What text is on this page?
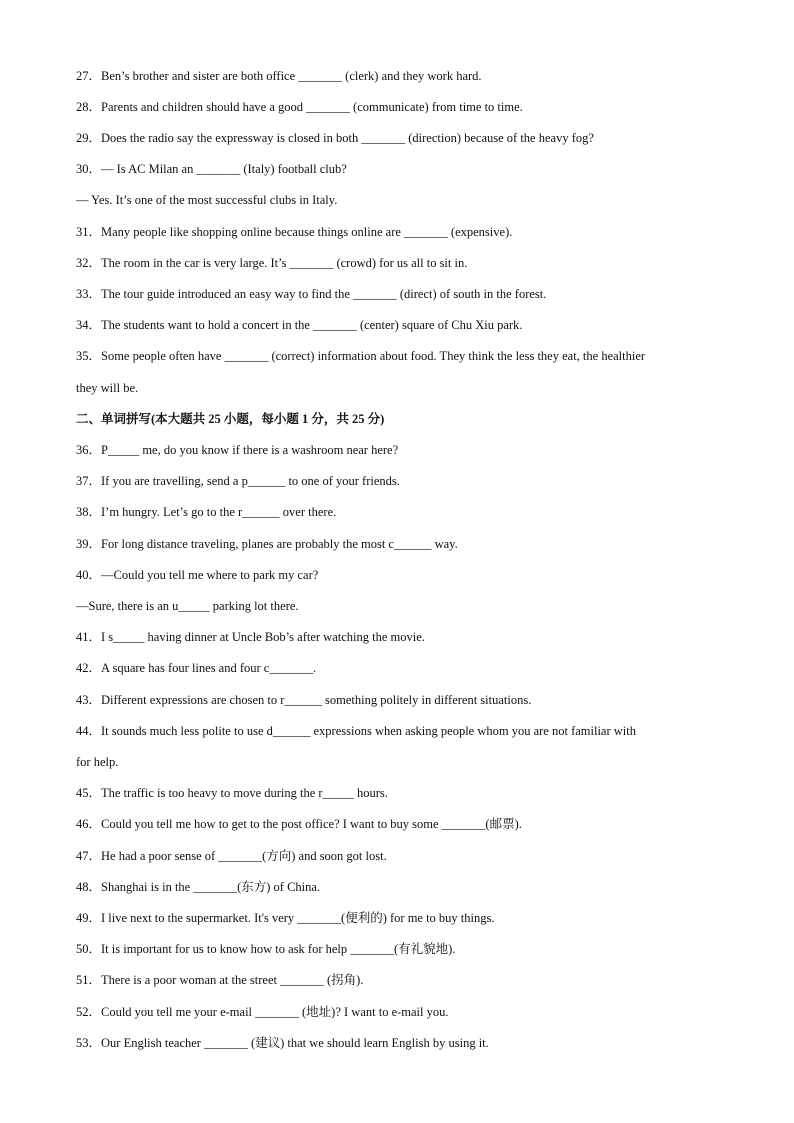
27．Ben’s brother and sister are both office _______ (clerk) and they work hard.
28．Parents and children should have a good _______ (communicate) from time to time.
29．Does the radio say the expressway is closed in both _______ (direction) because of the heavy fog?
30．— Is AC Milan an _______ (Italy) football club?
— Yes. It’s one of the most successful clubs in Italy.
31．Many people like shopping online because things online are _______ (expensive).
32．The room in the car is very large. It’s _______ (crowd) for us all to sit in.
33．The tour guide introduced an easy way to find the _______ (direct) of south in the forest.
34．The students want to hold a concert in the _______ (center) square of Chu Xiu park.
35．Some people often have _______ (correct) information about food. They think the less they eat, the healthier
they will be.
二、单词拼写(本大题共 25 小题，每小题 1 分，共 25 分)
36．P_____ me, do you know if there is a washroom near here?
37．If you are travelling, send a p______ to one of your friends.
38．I’m hungry. Let’s go to the r______ over there.
39．For long distance traveling, planes are probably the most c______ way.
40．—Could you tell me where to park my car?
—Sure, there is an u_____ parking lot there.
41．I s_____ having dinner at Uncle Bob’s after watching the movie.
42．A square has four lines and four c_______.
43．Different expressions are chosen to r______ something politely in different situations.
44．It sounds much less polite to use d______ expressions when asking people whom you are not familiar with
for help.
45．The traffic is too heavy to move during the r_____ hours.
46．Could you tell me how to get to the post office? I want to buy some _______(邮票).
47．He had a poor sense of _______(方向) and soon got lost.
48．Shanghai is in the _______(东方) of China.
49．I live next to the supermarket. It's very _______(便利的) for me to buy things.
50．It is important for us to know how to ask for help _______(有礼貌地).
51．There is a poor woman at the street _______ (拐角).
52．Could you tell me your e-mail _______ (地址)? I want to e-mail you.
53．Our English teacher _______ (建议) that we should learn English by using it.
